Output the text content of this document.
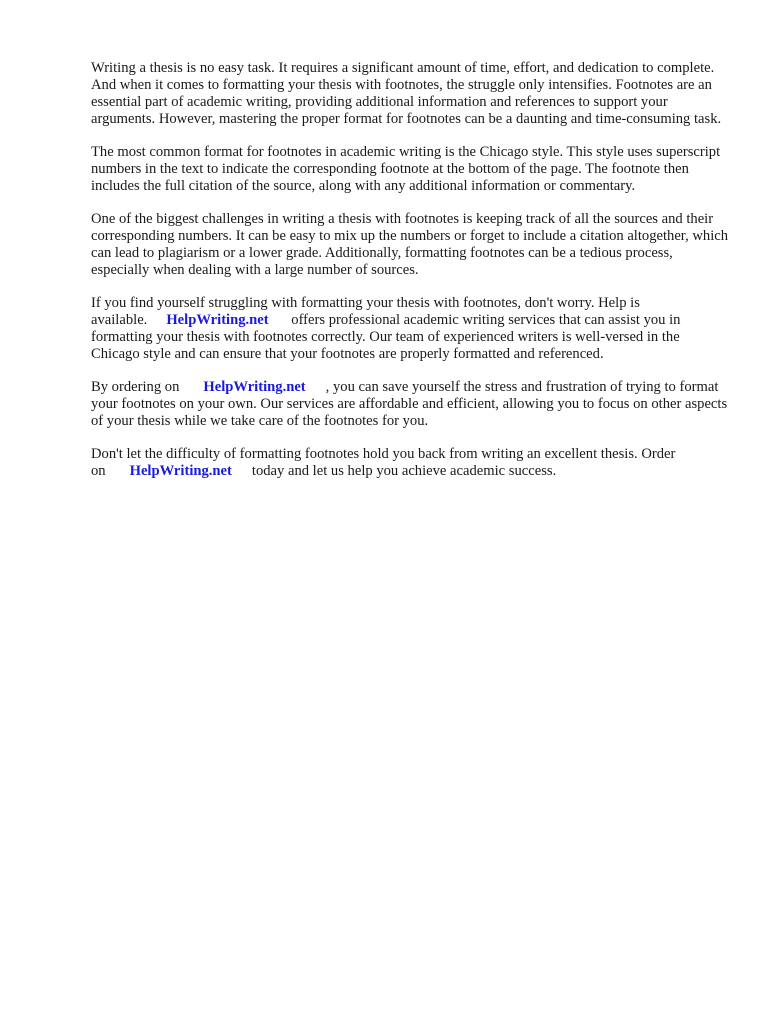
Writing a thesis is no easy task. It requires a significant amount of time, effort, and dedication to complete. And when it comes to formatting your thesis with footnotes, the struggle only intensifies. Footnotes are an essential part of academic writing, providing additional information and references to support your arguments. However, mastering the proper format for footnotes can be a daunting and time-consuming task.

The most common format for footnotes in academic writing is the Chicago style. This style uses superscript numbers in the text to indicate the corresponding footnote at the bottom of the page. The footnote then includes the full citation of the source, along with any additional information or commentary.

One of the biggest challenges in writing a thesis with footnotes is keeping track of all the sources and their corresponding numbers. It can be easy to mix up the numbers or forget to include a citation altogether, which can lead to plagiarism or a lower grade. Additionally, formatting footnotes can be a tedious process, especially when dealing with a large number of sources.

If you find yourself struggling with formatting your thesis with footnotes, don't worry. Help is available. HelpWriting.net offers professional academic writing services that can assist you in formatting your thesis with footnotes correctly. Our team of experienced writers is well-versed in the Chicago style and can ensure that your footnotes are properly formatted and referenced.

By ordering on HelpWriting.net , you can save yourself the stress and frustration of trying to format your footnotes on your own. Our services are affordable and efficient, allowing you to focus on other aspects of your thesis while we take care of the footnotes for you.

Don't let the difficulty of formatting footnotes hold you back from writing an excellent thesis. Order on HelpWriting.net today and let us help you achieve academic success.
